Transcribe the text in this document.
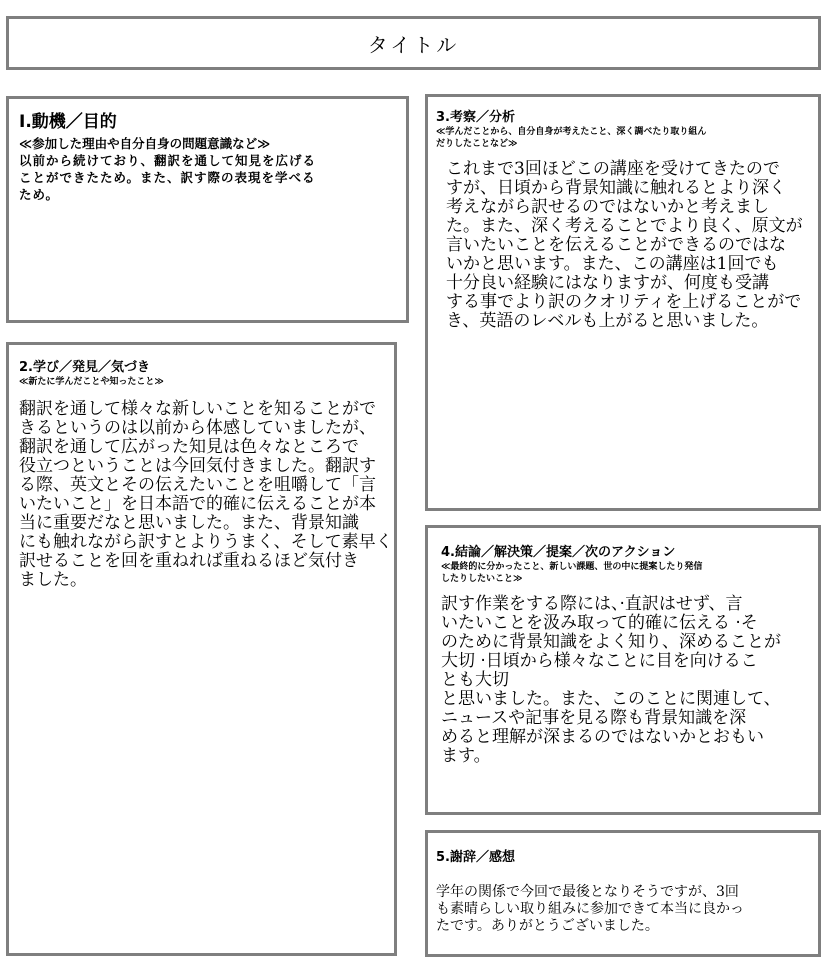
タイトル
Ⅰ.動機／目的
≪参加した理由や自分自身の問題意識など≫
以前から続けており、翻訳を通して知見を広げる
ことができたため。また、訳す際の表現を学べる
ため。
2.学び／発見／気づき
≪新たに学んだことや知ったこと≫
翻訳を通して様々な新しいことを知ることがで
きるというのは以前から体感していましたが、
翻訳を通して広がった知見は色々なところで
役立つということは今回気付きました。翻訳す
る際、英文とその伝えたいことを咀嚼して「言
いたいこと」を日本語で的確に伝えることが本
当に重要だなと思いました。また、背景知識
にも触れながら訳すとよりうまく、そして素早く
訳せることを回を重ねれば重ねるほど気付き
ました。
3.考察／分析
≪学んだことから、自分自身が考えたこと、深く調べたり取り組ん
だりしたことなど≫
これまで3回ほどこの講座を受けてきたので
すが、日頃から背景知識に触れるとより深く
考えながら訳せるのではないかと考えまし
た。また、深く考えることでより良く、原文が
言いたいことを伝えることができるのではな
いかと思います。また、この講座は1回でも
十分良い経験にはなりますが、何度も受講
する事でより訳のクオリティを上げることがで
き、英語のレベルも上がると思いました。
4.結論／解決策／提案／次のアクション
≪最終的に分かったこと、新しい課題、世の中に提案したり発信
したりしたいこと≫
訳す作業をする際には、·直訳はせず、言
いたいことを汲み取って的確に伝える ·そ
のために背景知識をよく知り、深めることが
大切 ·日頃から様々なことに目を向けるこ
とも大切
と思いました。また、このことに関連して、
ニュースや記事を見る際も背景知識を深
めると理解が深まるのではないかとおもい
ます。
5.謝辞／感想
学年の関係で今回で最後となりそうですが、3回
も素晴らしい取り組みに参加できて本当に良かっ
たです。ありがとうございました。
